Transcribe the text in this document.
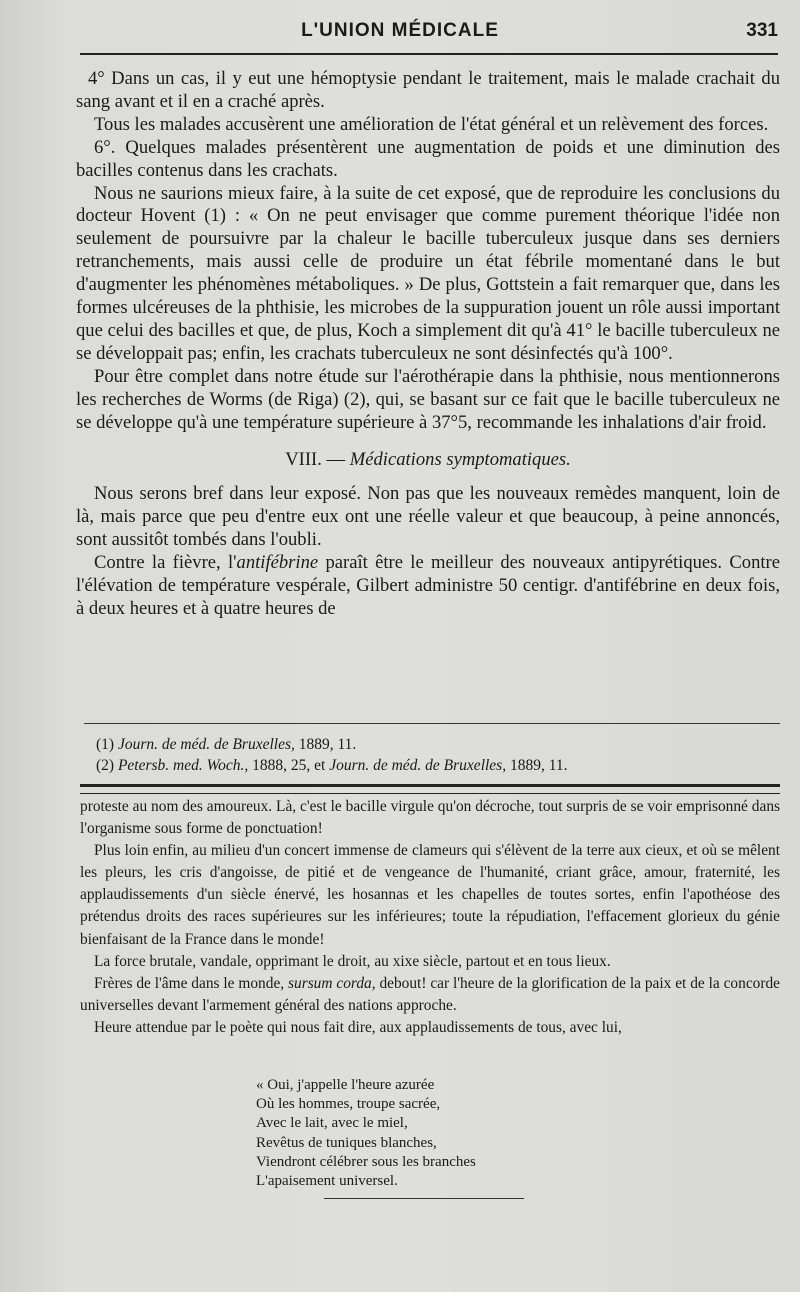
L'UNION MÉDICALE	331

4° Dans un cas, il y eut une hémoptysie pendant le traitement, mais le malade crachait du sang avant et il en a craché après.

Tous les malades accusèrent une amélioration de l'état général et un relèvement des forces.

6°. Quelques malades présentèrent une augmentation de poids et une diminution des bacilles contenus dans les crachats.

Nous ne saurions mieux faire, à la suite de cet exposé, que de reproduire les conclusions du docteur Hovent (1) : « On ne peut envisager que comme purement théorique l'idée non seulement de poursuivre par la chaleur le bacille tuberculeux jusque dans ses derniers retranchements, mais aussi celle de produire un état fébrile momentané dans le but d'augmenter les phénomènes métaboliques. » De plus, Gottstein a fait remarquer que, dans les formes ulcéreuses de la phthisie, les microbes de la suppuration jouent un rôle aussi important que celui des bacilles et que, de plus, Koch a simplement dit qu'à 41° le bacille tuberculeux ne se développait pas; enfin, les crachats tuberculeux ne sont désinfectés qu'à 100°.

Pour être complet dans notre étude sur l'aérothérapie dans la phthisie, nous mentionnerons les recherches de Worms (de Riga) (2), qui, se basant sur ce fait que le bacille tuberculeux ne se développe qu'à une température supérieure à 37°5, recommande les inhalations d'air froid.

VIII. — Médications symptomatiques.

Nous serons bref dans leur exposé. Non pas que les nouveaux remèdes manquent, loin de là, mais parce que peu d'entre eux ont une réelle valeur et que beaucoup, à peine annoncés, sont aussitôt tombés dans l'oubli.

Contre la fièvre, l'antifébrine paraît être le meilleur des nouveaux antipyrétiques. Contre l'élévation de température vespérale, Gilbert administre 50 centigr. d'antifébrine en deux fois, à deux heures et à quatre heures de

(1) Journ. de méd. de Bruxelles, 1889, 11.
(2) Petersb. med. Woch., 1888, 25, et Journ. de méd. de Bruxelles, 1889, 11.

proteste au nom des amoureux. Là, c'est le bacille virgule qu'on décroche, tout surpris de se voir emprisonné dans l'organisme sous forme de ponctuation!

Plus loin enfin, au milieu d'un concert immense de clameurs qui s'élèvent de la terre aux cieux, et où se mêlent les pleurs, les cris d'angoisse, de pitié et de vengeance de l'humanité, criant grâce, amour, fraternité, les applaudissements d'un siècle énervé, les hosannas et les chapelles de toutes sortes, enfin l'apothéose des prétendus droits des races supérieures sur les inférieures; toute la répudiation, l'effacement glorieux du génie bienfaisant de la France dans le monde!

La force brutale, vandale, opprimant le droit, au xixe siècle, partout et en tous lieux.

Frères de l'âme dans le monde, sursum corda, debout! car l'heure de la glorification de la paix et de la concorde universelles devant l'armement général des nations approche.

Heure attendue par le poète qui nous fait dire, aux applaudissements de tous, avec lui,

« Oui, j'appelle l'heure azurée
Où les hommes, troupe sacrée,
Avec le lait, avec le miel,
Revêtus de tuniques blanches,
Viendront célébrer sous les branches
L'apaisement universel.
